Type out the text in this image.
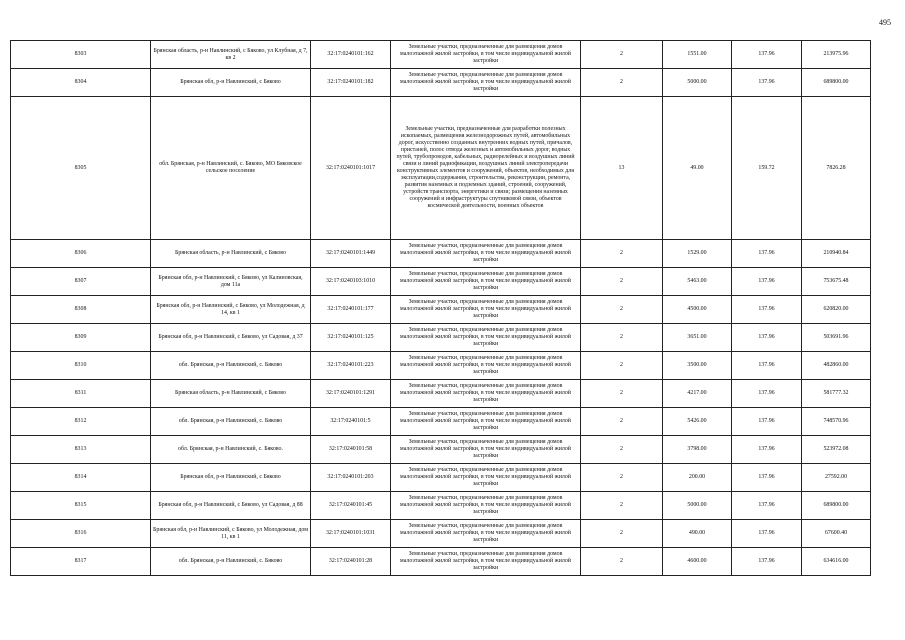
495
8303	Брянская область, р-н Навлинский, с Бяково, ул Клубная, д 7, кв 2	32:17:0240101:162	Земельные участки, предназначенные для размещения домов малоэтажной жилой застройки, в том числе индивидуальной жилой застройки	2	1551.00	137.96	213975.96
8304	Брянская обл, р-н Навлинский, с Бяково	32:17:0240101:182	Земельные участки, предназначенные для размещения домов малоэтажной жилой застройки, в том числе индивидуальной жилой застройки	2	5000.00	137.96	689800.00
8305	обл. Брянская, р-н Навлинский, с. Бяково, МО Бяковское сельское поселение	32:17:0240101:1017	Земельные участки, предназначенные для разработки полезных ископаемых, размещения железнодорожных путей, автомобильных дорог, искусственно созданных внутренних водных путей, причалов, пристаней, полос отвода железных и автомобильных дорог, водных путей, трубопроводов, кабельных, радиорелейных и воздушных линий связи и линий радиофикации, воздушных линий электропередачи конструктивных элементов и сооружений, объектов, необходимых для эксплуатации,содержания, строительства, реконструкции, ремонта, развития наземных и подземных зданий, строений, сооружений, устройств транспорта, энергетики и связи; размещения наземных сооружений и инфраструктуры спутниковой связи, объектов космической деятельности, военных объектов	13	49.00	159.72	7826.28
8306	Брянская область, р-н Навлинский, с Бяково	32:17:0240101:1449	Земельные участки, предназначенные для размещения домов малоэтажной жилой застройки, в том числе индивидуальной жилой застройки	2	1529.00	137.96	210940.84
8307	Брянская обл, р-н Навлинский, с Бяково, ул Калиновская, дом 11а	32:17:0240103:1010	Земельные участки, предназначенные для размещения домов малоэтажной жилой застройки, в том числе индивидуальной жилой застройки	2	5463.00	137.96	753675.48
8308	Брянская обл, р-н Навлинский, с Бяково, ул Молодежная, д 14, кв 1	32:17:0240101:177	Земельные участки, предназначенные для размещения домов малоэтажной жилой застройки, в том числе индивидуальной жилой застройки	2	4500.00	137.96	620820.00
8309	Брянская обл, р-н Навлинский, с Бяково, ул Садовая, д 37	32:17:0240101:125	Земельные участки, предназначенные для размещения домов малоэтажной жилой застройки, в том числе индивидуальной жилой застройки	2	3651.00	137.96	503691.96
8310	обл. Брянская, р-н Навлинский, с. Бяково	32:17:0240101:223	Земельные участки, предназначенные для размещения домов малоэтажной жилой застройки, в том числе индивидуальной жилой застройки	2	3500.00	137.96	482860.00
8311	Брянская область, р-н Навлинский, с Бяково	32:17:0240101:1291	Земельные участки, предназначенные для размещения домов малоэтажной жилой застройки, в том числе индивидуальной жилой застройки	2	4217.00	137.96	581777.32
8312	обл. Брянская, р-н Навлинский, с. Бяково	32:17:0240101:5	Земельные участки, предназначенные для размещения домов малоэтажной жилой застройки, в том числе индивидуальной жилой застройки	2	5426.00	137.96	748570.96
8313	обл. Брянская, р-н Навлинский, с. Бяково.	32:17:0240101:58	Земельные участки, предназначенные для размещения домов малоэтажной жилой застройки, в том числе индивидуальной жилой застройки	2	3798.00	137.96	523972.08
8314	Брянская обл, р-н Навлинский, с Бяково	32:17:0240101:203	Земельные участки, предназначенные для размещения домов малоэтажной жилой застройки, в том числе индивидуальной жилой застройки	2	200.00	137.96	27592.00
8315	Брянская обл, р-н Навлинский, с Бяково, ул Садовая, д 88	32:17:0240101:45	Земельные участки, предназначенные для размещения домов малоэтажной жилой застройки, в том числе индивидуальной жилой застройки	2	5000.00	137.96	689800.00
8316	Брянская обл, р-н Навлинский, с Бяково, ул Молодежная, дом 11, кв 1	32:17:0240101:1031	Земельные участки, предназначенные для размещения домов малоэтажной жилой застройки, в том числе индивидуальной жилой застройки	2	490.00	137.96	67600.40
8317	обл. Брянская, р-н Навлинский, с. Бяково	32:17:0240101:28	Земельные участки, предназначенные для размещения домов малоэтажной жилой застройки, в том числе индивидуальной жилой застройки	2	4600.00	137.96	634616.00
